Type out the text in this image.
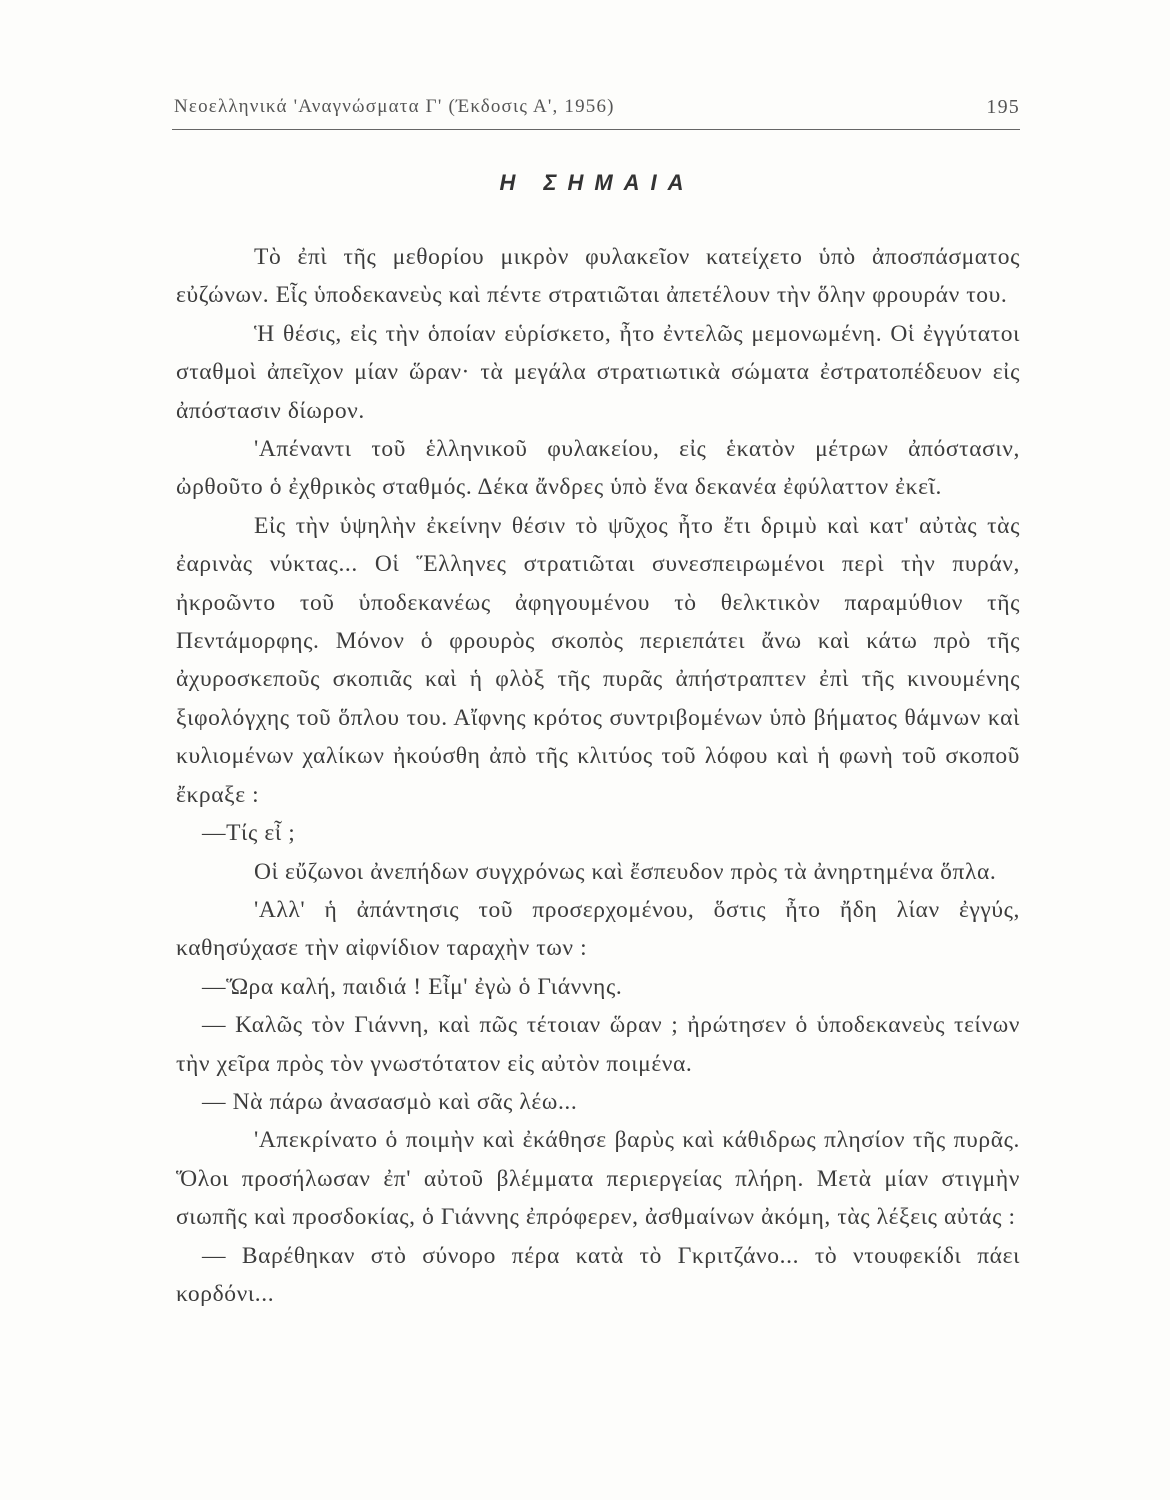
Νεοελληνικά 'Αναγνώσματα Γ' (Έκδοσις Α', 1956)	195
Η ΣΗΜΑΙΑ

Τὸ ἐπὶ τῆς μεθορίου μικρὸν φυλακεῖον κατείχετο ὑπὸ ἀποσπάσματος εὐζώνων. Εἷς ὑποδεκανεὺς καὶ πέντε στρατιῶται ἀπετέλουν τὴν ὅλην φρουράν του.

Ἡ θέσις, εἰς τὴν ὁποίαν εὑρίσκετο, ἦτο ἐντελῶς μεμονωμένη. Οἱ ἐγγύτατοι σταθμοὶ ἀπεῖχον μίαν ὥραν· τὰ μεγάλα στρατιωτικὰ σώματα ἐστρατοπέδευον εἰς ἀπόστασιν δίωρον.

'Απέναντι τοῦ ἑλληνικοῦ φυλακείου, εἰς ἑκατὸν μέτρων ἀπόστασιν, ὠρθοῦτο ὁ ἐχθρικὸς σταθμός. Δέκα ἄνδρες ὑπὸ ἕνα δεκανέα ἐφύλαττον ἐκεῖ.

Εἰς τὴν ὑψηλὴν ἐκείνην θέσιν τὸ ψῦχος ἦτο ἔτι δριμὺ καὶ κατ' αὐτὰς τὰς ἐαρινὰς νύκτας... Οἱ Ἕλληνες στρατιῶται συνεσπειρωμένοι περὶ τὴν πυράν, ἠκροῶντο τοῦ ὑποδεκανέως ἀφηγουμένου τὸ θελκτικὸν παραμύθιον τῆς Πεντάμορφης. Μόνον ὁ φρουρὸς σκοπὸς περιεπάτει ἄνω καὶ κάτω πρὸ τῆς ἀχυροσκεποῦς σκοπιᾶς καὶ ἡ φλὸξ τῆς πυρᾶς ἀπήστραπτεν ἐπὶ τῆς κινουμένης ξιφολόγχης τοῦ ὅπλου του. Αἴφνης κρότος συντριβομένων ὑπὸ βήματος θάμνων καὶ κυλιομένων χαλίκων ἠκούσθη ἀπὸ τῆς κλιτύος τοῦ λόφου καὶ ἡ φωνὴ τοῦ σκοποῦ ἔκραξε :

—Τίς εἶ ;

Οἱ εὔζωνοι ἀνεπήδων συγχρόνως καὶ ἔσπευδον πρὸς τὰ ἀνηρτημένα ὅπλα.

'Αλλ' ἡ ἀπάντησις τοῦ προσερχομένου, ὅστις ἦτο ἤδη λίαν ἐγγύς, καθησύχασε τὴν αἰφνίδιον ταραχὴν των :

—Ὥρα καλή, παιδιά ! Εἶμ' ἐγὼ ὁ Γιάννης.

— Καλῶς τὸν Γιάννη, καὶ πῶς τέτοιαν ὥραν ; ἠρώτησεν ὁ ὑποδεκανεὺς τείνων τὴν χεῖρα πρὸς τὸν γνωστότατον εἰς αὐτὸν ποιμένα.

— Νὰ πάρω ἀνασασμὸ καὶ σᾶς λέω...

'Απεκρίνατο ὁ ποιμὴν καὶ ἐκάθησε βαρὺς καὶ κάθιδρως πλησίον τῆς πυρᾶς. Ὅλοι προσήλωσαν ἐπ' αὐτοῦ βλέμματα περιεργείας πλήρη. Μετὰ μίαν στιγμὴν σιωπῆς καὶ προσδοκίας, ὁ Γιάννης ἐπρόφερεν, ἀσθμαίνων ἀκόμη, τὰς λέξεις αὐτάς :

— Βαρέθηκαν στὸ σύνορο πέρα κατὰ τὸ Γκριτζάνο... τὸ ντουφεκίδι πάει κορδόνι...
